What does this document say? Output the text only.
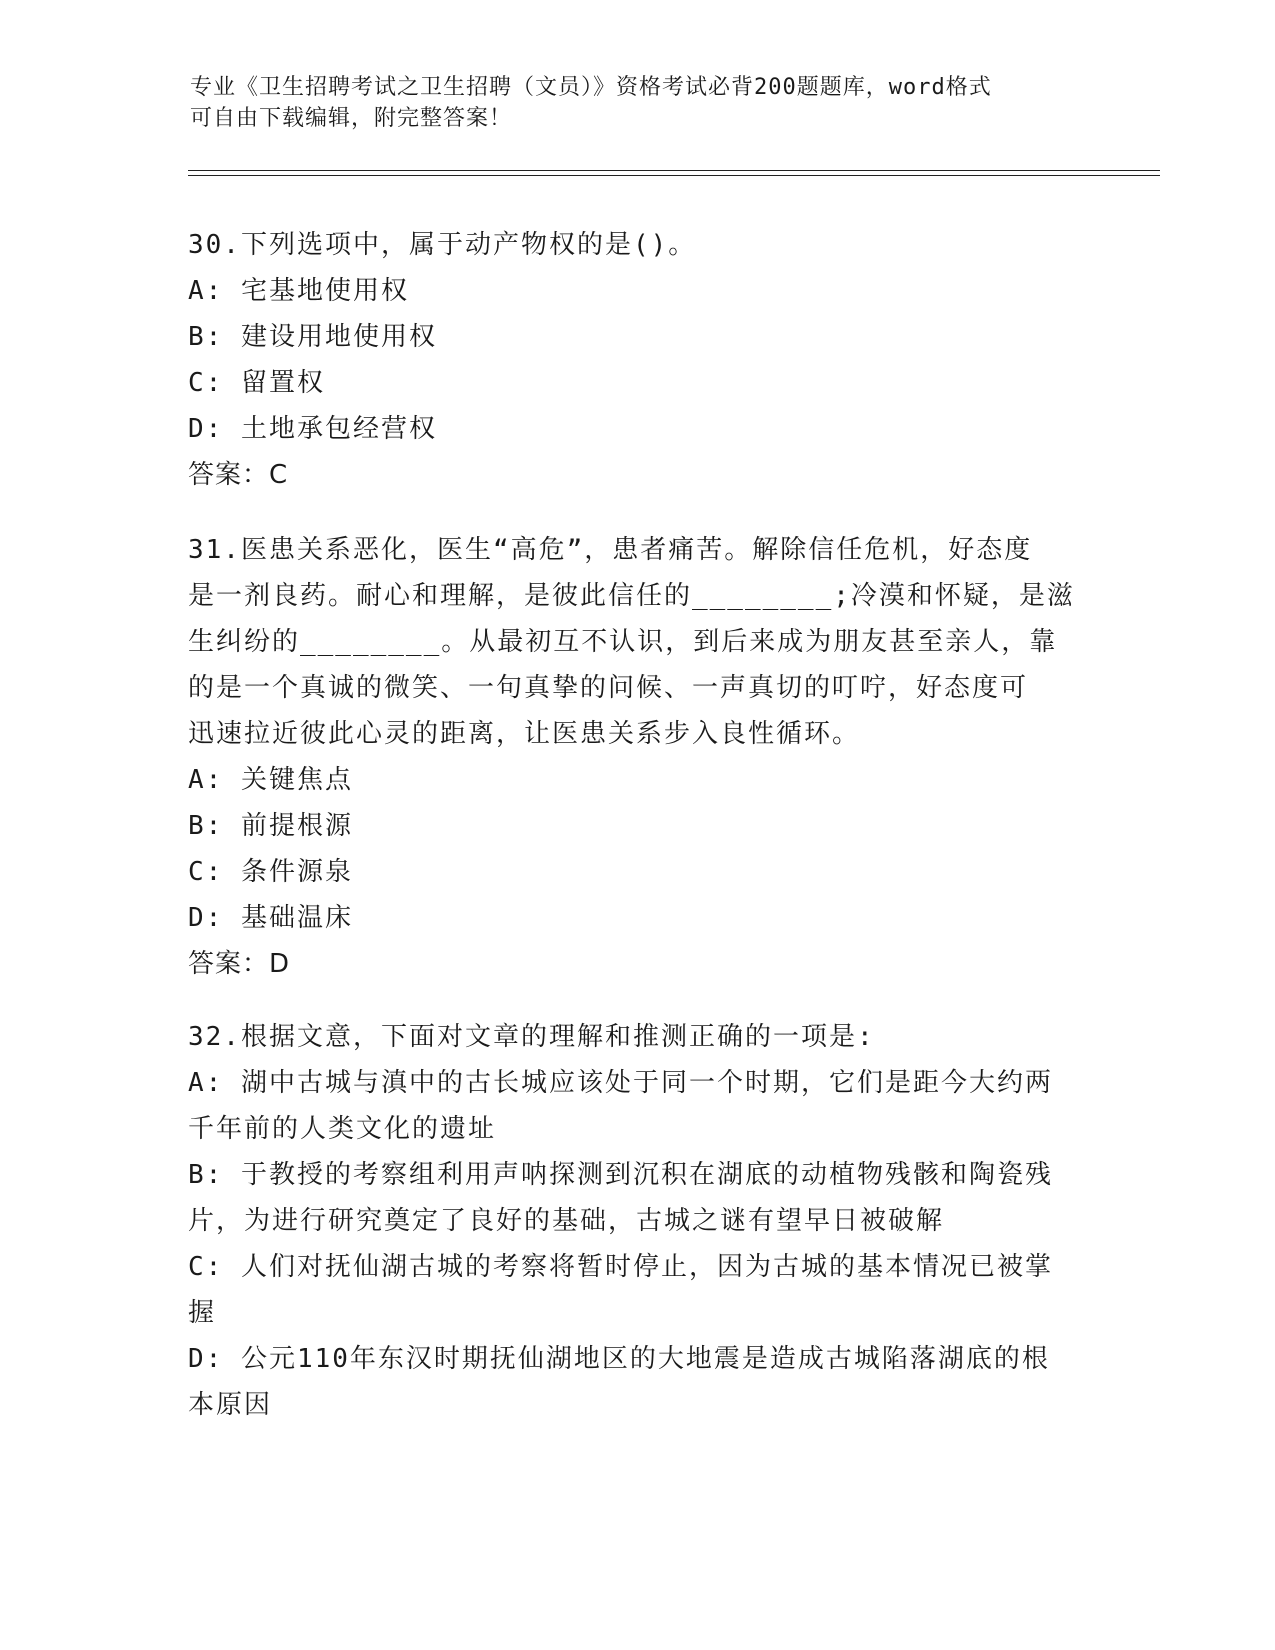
专业《卫生招聘考试之卫生招聘（文员）》资格考试必背200题题库，word格式
可自由下载编辑，附完整答案！
30.下列选项中，属于动产物权的是()。
A: 宅基地使用权
B: 建设用地使用权
C: 留置权
D: 土地承包经营权
答案：C
31.医患关系恶化，医生“高危”，患者痛苦。解除信任危机，好态度
是一剂良药。耐心和理解，是彼此信任的________;冷漠和怀疑，是滋
生纠纷的________。从最初互不认识，到后来成为朋友甚至亲人，靠
的是一个真诚的微笑、一句真挚的问候、一声真切的叮咛，好态度可
迅速拉近彼此心灵的距离，让医患关系步入良性循环。
A: 关键焦点
B: 前提根源
C: 条件源泉
D: 基础温床
答案：D
32.根据文意，下面对文章的理解和推测正确的一项是:
A: 湖中古城与滇中的古长城应该处于同一个时期，它们是距今大约两
千年前的人类文化的遗址
B: 于教授的考察组利用声呐探测到沉积在湖底的动植物残骸和陶瓷残
片，为进行研究奠定了良好的基础，古城之谜有望早日被破解
C: 人们对抚仙湖古城的考察将暂时停止，因为古城的基本情况已被掌
握
D: 公元110年东汉时期抚仙湖地区的大地震是造成古城陷落湖底的根
本原因
